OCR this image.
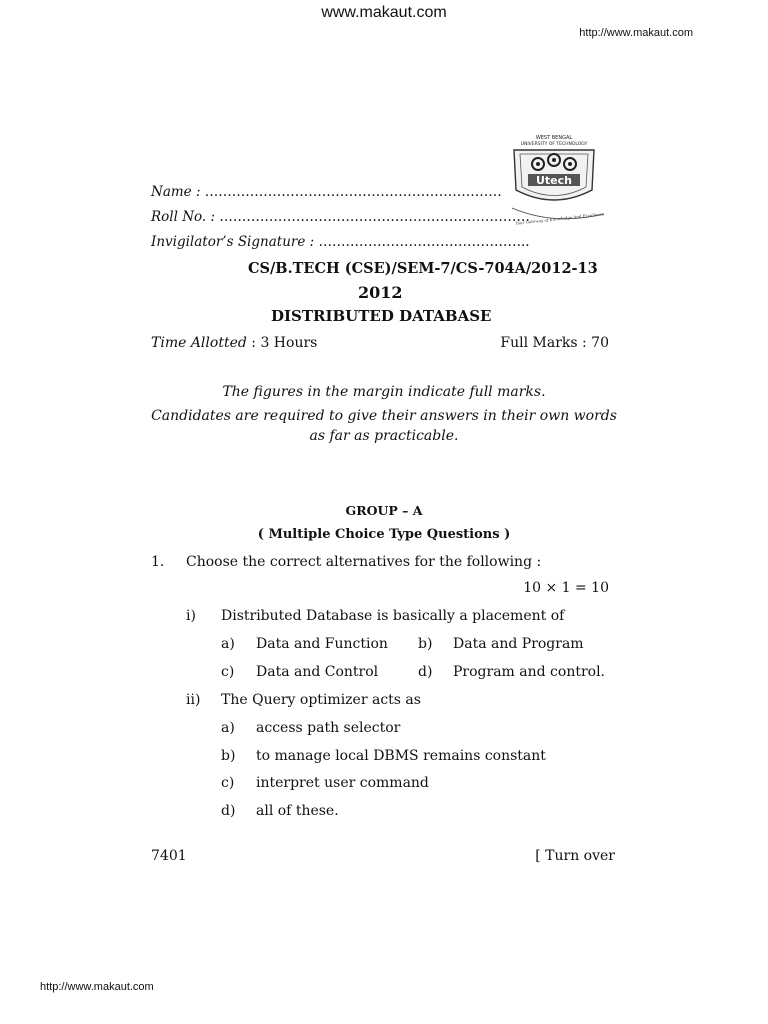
www.makaut.com
http://www.makaut.com
WEST BENGAL
UNIVERSITY OF TECHNOLOGY
Utech
Your Gateway of Knowledge And Excellence
Name : …………………………………………………………
Roll No. : ……………………………………………………………
Invigilator’s Signature : ………………………………………..
CS/B.TECH (CSE)/SEM-7/CS-704A/2012-13
2012
DISTRIBUTED DATABASE
Time Allotted : 3 Hours	Full Marks : 70
The figures in the margin indicate full marks.
Candidates are required to give their answers in their own words
as far as practicable.
GROUP – A
( Multiple Choice Type Questions )
1. Choose the correct alternatives for the following :
10 × 1 = 10
i) Distributed Database is basically a placement of
a) Data and Function b) Data and Program
c) Data and Control	d) Program and control.
ii) The Query optimizer acts as
a) access path selector
b) to manage local DBMS remains constant
c) interpret user command
d) all of these.
7401	[ Turn over
http://www.makaut.com
